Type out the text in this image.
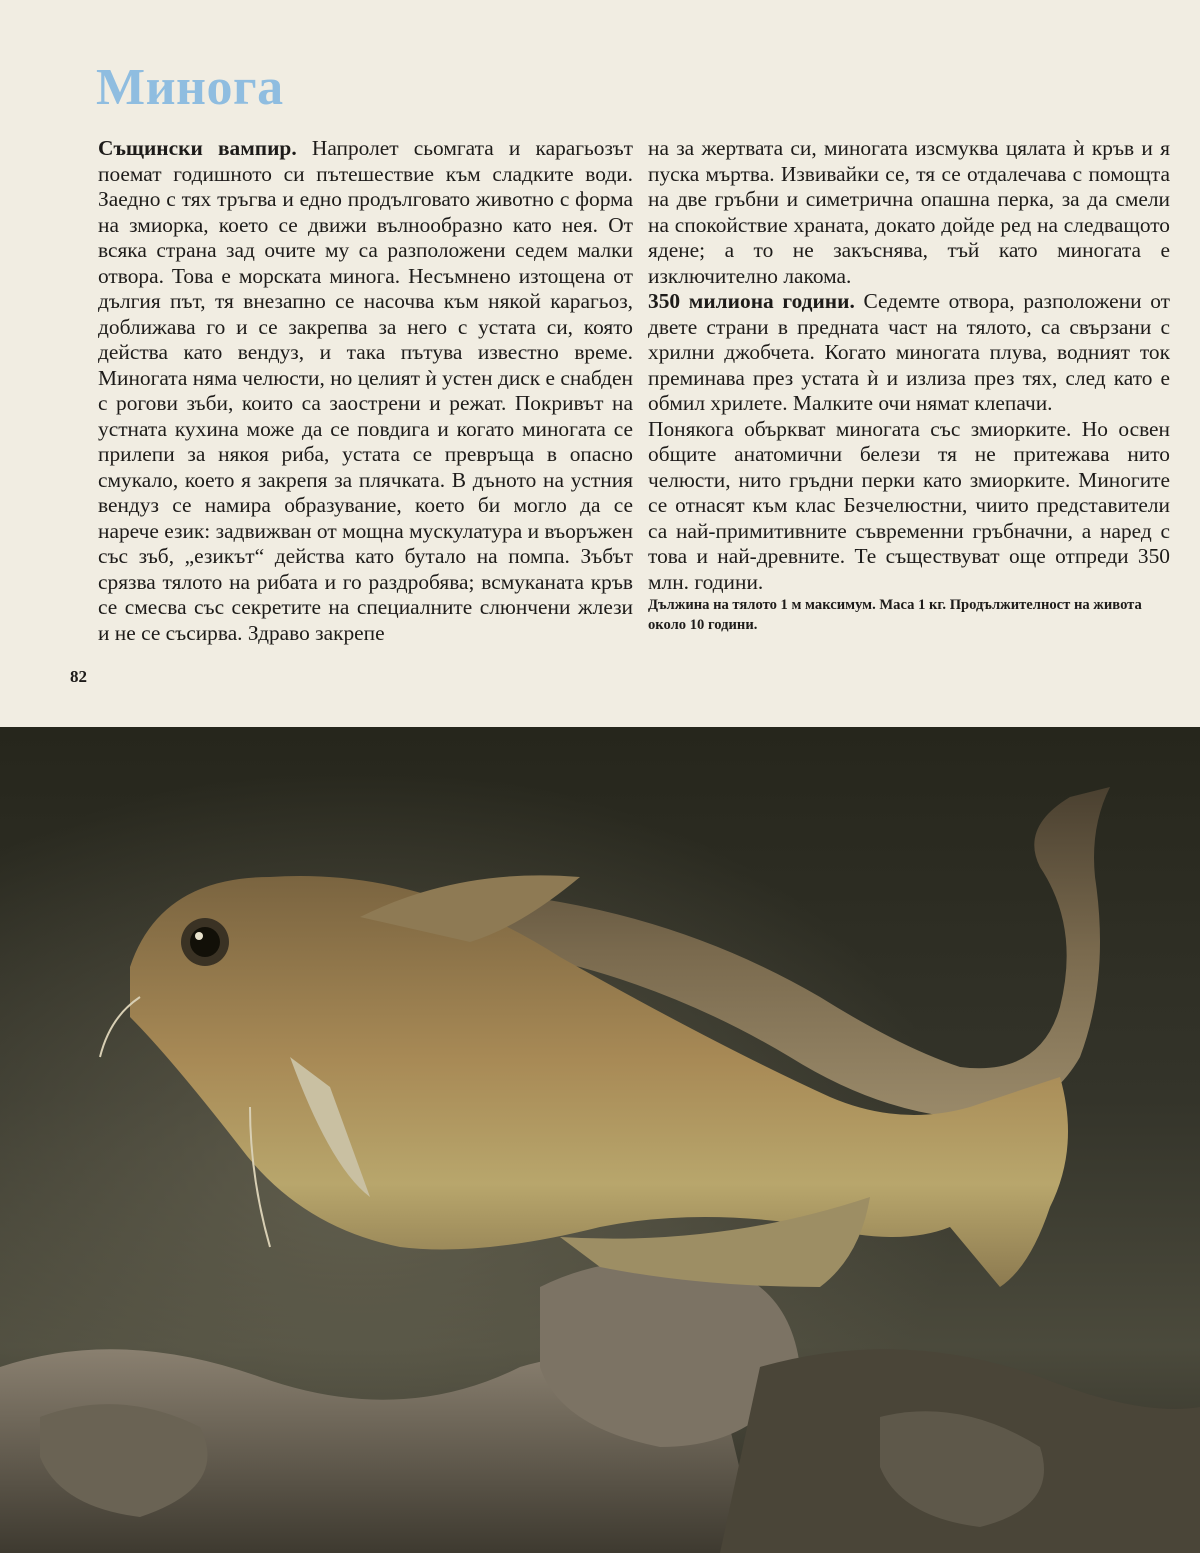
Минога

Същински вампир. Напролет сьомгата и карагьозът поемат годишното си пътешествие към сладките води. Заедно с тях тръгва и едно продълговато животно с форма на змиорка, което се движи вълнообразно като нея. От всяка страна зад очите му са разположени седем малки отвора. Това е морската минога. Несъмнено изтощена от дългия път, тя внезапно се насочва към някой карагьоз, доближава го и се закрепва за него с устата си, която действа като вендуз, и така пътува известно време. Миногата няма челюсти, но целият ѝ устен диск е снабден с рогови зъби, които са заострени и режат. Покривът на устната кухина може да се повдига и когато миногата се прилепи за някоя риба, устата се превръща в опасно смукало, което я закрепя за плячката. В дъното на устния вендуз се намира образувание, което би могло да се нарече език: задвижван от мощна мускулатура и въоръжен със зъб, „езикът“ действа като бутало на помпа. Зъбът срязва тялото на рибата и го раздробява; всмуканата кръв се смесва със секретите на специалните слюнчени жлези и не се съсирва. Здраво закрепе

на за жертвата си, миногата изсмуква цялата ѝ кръв и я пуска мъртва. Извивайки се, тя се отдалечава с помощта на две гръбни и симетрична опашна перка, за да смели на спокойствие храната, докато дойде ред на следващото ядене; а то не закъснява, тъй като миногата е изключително лакома.

350 милиона години. Седемте отвора, разположени от двете страни в предната част на тялото, са свързани с хрилни джобчета. Когато миногата плува, водният ток преминава през устата ѝ и излиза през тях, след като е обмил хрилете. Малките очи нямат клепачи.

Понякога объркват миногата със змиорките. Но освен общите анатомични белези тя не притежава нито челюсти, нито гръдни перки като змиорките. Миногите се отнасят към клас Безчелюстни, чиито представители са най-примитивните съвременни гръбначни, а наред с това и най-древните. Те съществуват още отпреди 350 млн. години.

Дължина на тялото 1 м максимум. Маса 1 кг. Продължителност на живота около 10 години.

82
